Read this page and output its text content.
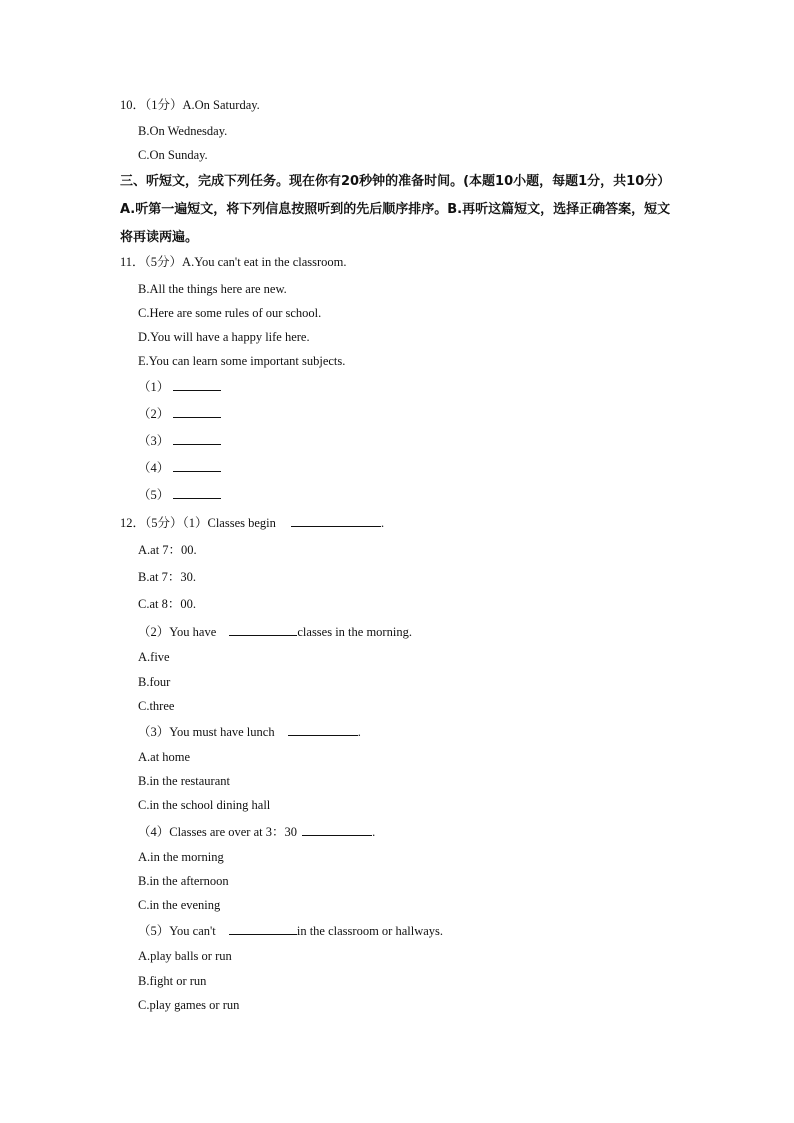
10．（1分）A.On Saturday.
B.On Wednesday.
C.On Sunday.
三、听短文，完成下列任务。现在你有20秒钟的准备时间。(本题10小题，每题1分，共10分）A.听第一遍短文，将下列信息按照听到的先后顺序排序。B.再听这篇短文，选择正确答案，短文将再读两遍。
11．（5分）A.You can't eat in the classroom.
B.All the things here are new.
C.Here are some rules of our school.
D.You will have a happy life here.
E.You can learn some important subjects.
（1）
（2）
（3）
（4）
（5）
12．（5分）（1）Classes begin	.
A.at 7：00.
B.at 7：30.
C.at 8：00.
（2）You have	classes in the morning.
A.five
B.four
C.three
（3）You must have lunch	.
A.at home
B.in the restaurant
C.in the school dining hall
（4）Classes are over at 3：30	.
A.in the morning
B.in the afternoon
C.in the evening
（5）You can't	in the classroom or hallways.
A.play balls or run
B.fight or run
C.play games or run
